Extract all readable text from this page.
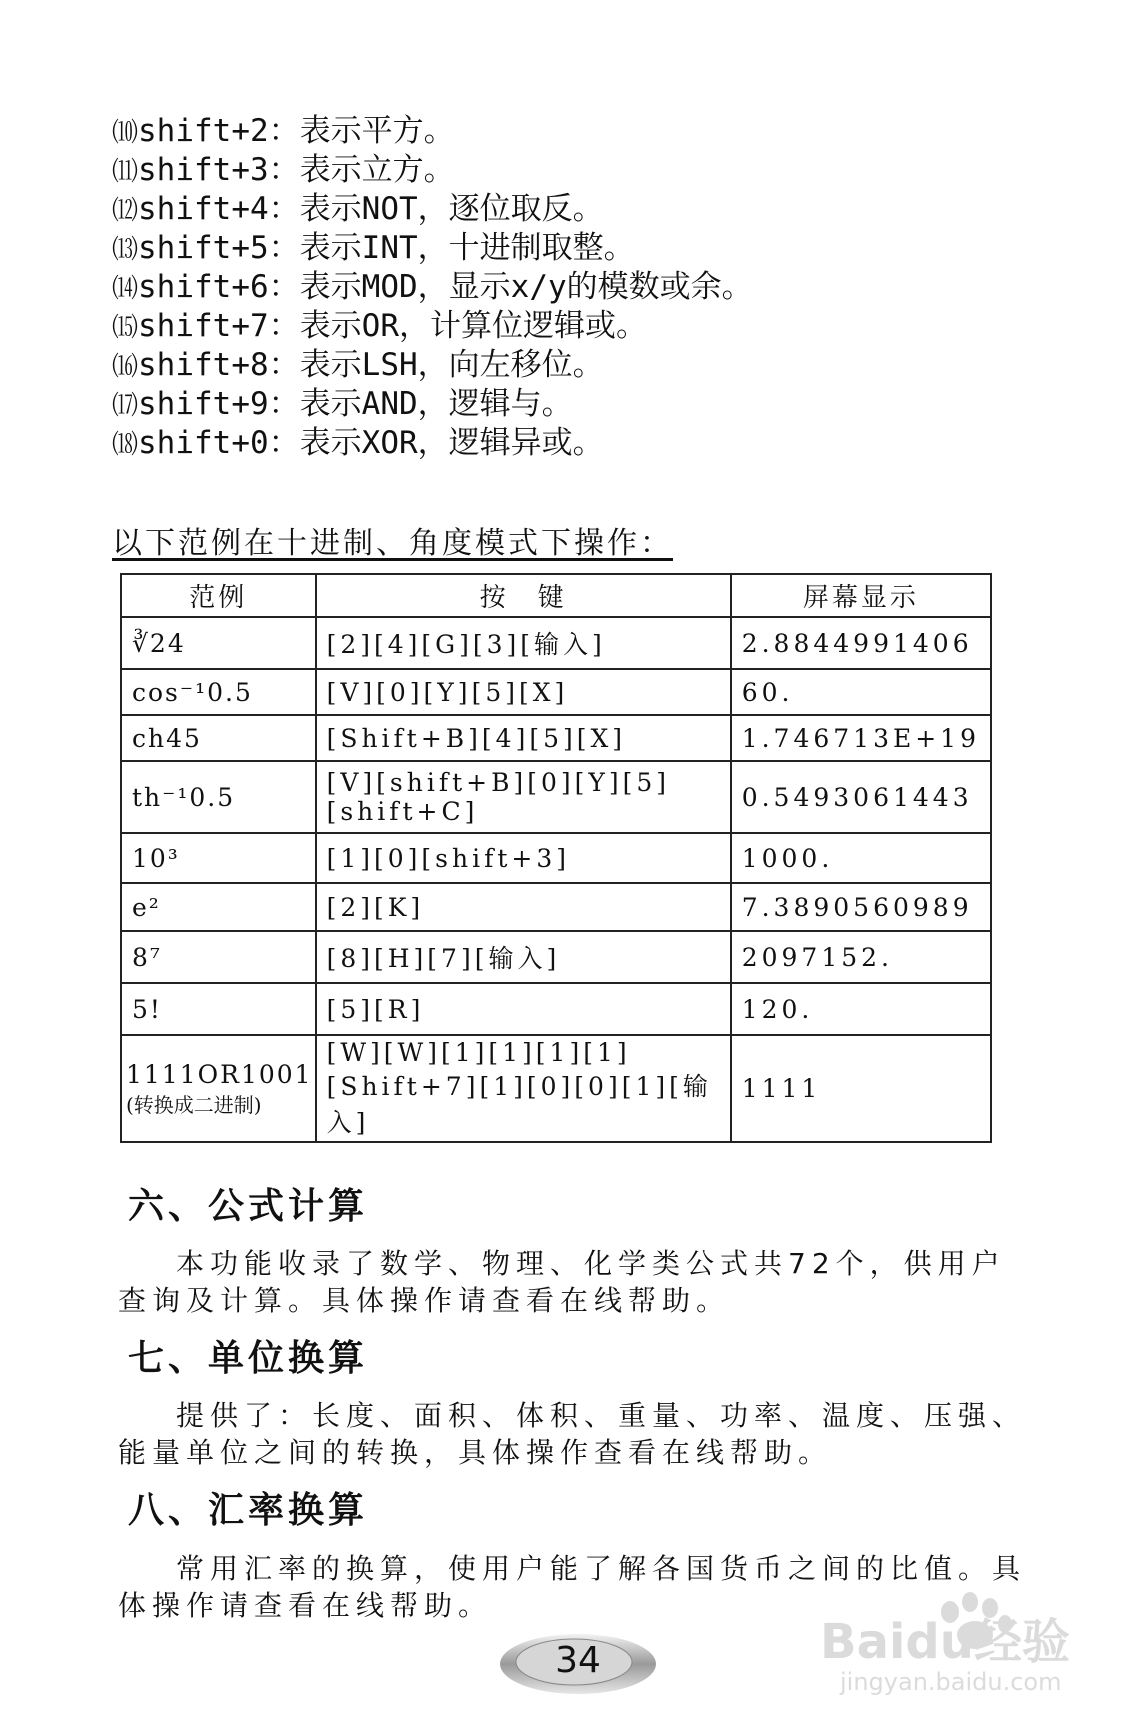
⑽shift+2：表示平方。
⑾shift+3：表示立方。
⑿shift+4：表示NOT，逐位取反。
⒀shift+5：表示INT，十进制取整。
⒁shift+6：表示MOD，显示x/y的模数或余。
⒂shift+7：表示OR，计算位逻辑或。
⒃shift+8：表示LSH，向左移位。
⒄shift+9：表示AND，逻辑与。
⒅shift+0：表示XOR，逻辑异或。
以下范例在十进制、角度模式下操作：
范例	按　键	屏幕显示
∛24	[2][4][G][3][输入]	2.8844991406
cos⁻¹0.5	[V][0][Y][5][X]	60.
ch45	[Shift+B][4][5][X]	1.746713E+19
th⁻¹0.5	[V][shift+B][0][Y][5][shift+C]	0.5493061443
10³	[1][0][shift+3]	1000.
e²	[2][K]	7.3890560989
8⁷	[8][H][7][输入]	2097152.
5!	[5][R]	120.
1111OR1001
(转换成二进制)	[W][W][1][1][1][1][Shift+7][1][0][0][1][输入]	1111
六、公式计算
本功能收录了数学、物理、化学类公式共72个，供用户查询及计算。具体操作请查看在线帮助。
七、单位换算
提供了：长度、面积、体积、重量、功率、温度、压强、能量单位之间的转换，具体操作查看在线帮助。
八、汇率换算
常用汇率的换算，使用户能了解各国货币之间的比值。具体操作请查看在线帮助。
34	Baidu经验
jingyan.baidu.com
